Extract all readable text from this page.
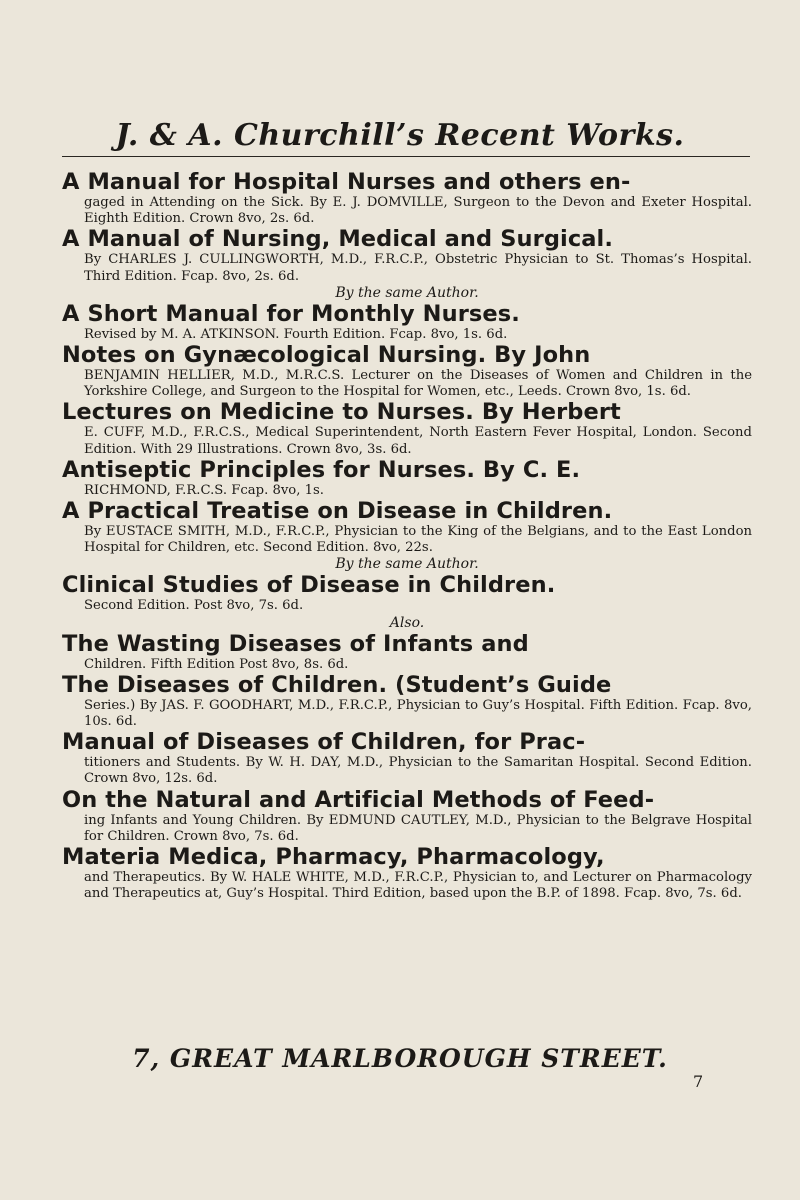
J. & A. Churchill’s Recent Works.
A Manual for Hospital Nurses and others en-
gaged in Attending on the Sick. By E. J. DOMVILLE, Surgeon to the Devon and Exeter Hospital. Eighth Edition. Crown 8vo, 2s. 6d.
A Manual of Nursing, Medical and Surgical.
By CHARLES J. CULLINGWORTH, M.D., F.R.C.P., Obstetric Physician to St. Thomas’s Hospital. Third Edition. Fcap. 8vo, 2s. 6d.
By the same Author.
A Short Manual for Monthly Nurses.
Revised by M. A. ATKINSON. Fourth Edition. Fcap. 8vo, 1s. 6d.
Notes on Gynæcological Nursing. By John
BENJAMIN HELLIER, M.D., M.R.C.S. Lecturer on the Diseases of Women and Children in the Yorkshire College, and Surgeon to the Hospital for Women, etc., Leeds. Crown 8vo, 1s. 6d.
Lectures on Medicine to Nurses. By Herbert
E. CUFF, M.D., F.R.C.S., Medical Superintendent, North Eastern Fever Hospital, London. Second Edition. With 29 Illustrations. Crown 8vo, 3s. 6d.
Antiseptic Principles for Nurses. By C. E.
RICHMOND, F.R.C.S. Fcap. 8vo, 1s.
A Practical Treatise on Disease in Children.
By EUSTACE SMITH, M.D., F.R.C.P., Physician to the King of the Belgians, and to the East London Hospital for Children, etc. Second Edition. 8vo, 22s.
By the same Author.
Clinical Studies of Disease in Children.
Second Edition. Post 8vo, 7s. 6d.
Also.
The Wasting Diseases of Infants and
Children. Fifth Edition Post 8vo, 8s. 6d.
The Diseases of Children. (Student’s Guide
Series.) By JAS. F. GOODHART, M.D., F.R.C.P., Physician to Guy’s Hospital. Fifth Edition. Fcap. 8vo, 10s. 6d.
Manual of Diseases of Children, for Prac-
titioners and Students. By W. H. DAY, M.D., Physician to the Samaritan Hospital. Second Edition. Crown 8vo, 12s. 6d.
On the Natural and Artificial Methods of Feed-
ing Infants and Young Children. By EDMUND CAUTLEY, M.D., Physician to the Belgrave Hospital for Children. Crown 8vo, 7s. 6d.
Materia Medica, Pharmacy, Pharmacology,
and Therapeutics. By W. HALE WHITE, M.D., F.R.C.P., Physician to, and Lecturer on Pharmacology and Therapeutics at, Guy’s Hospital. Third Edition, based upon the B.P. of 1898. Fcap. 8vo, 7s. 6d.
7, GREAT MARLBOROUGH STREET.
7
